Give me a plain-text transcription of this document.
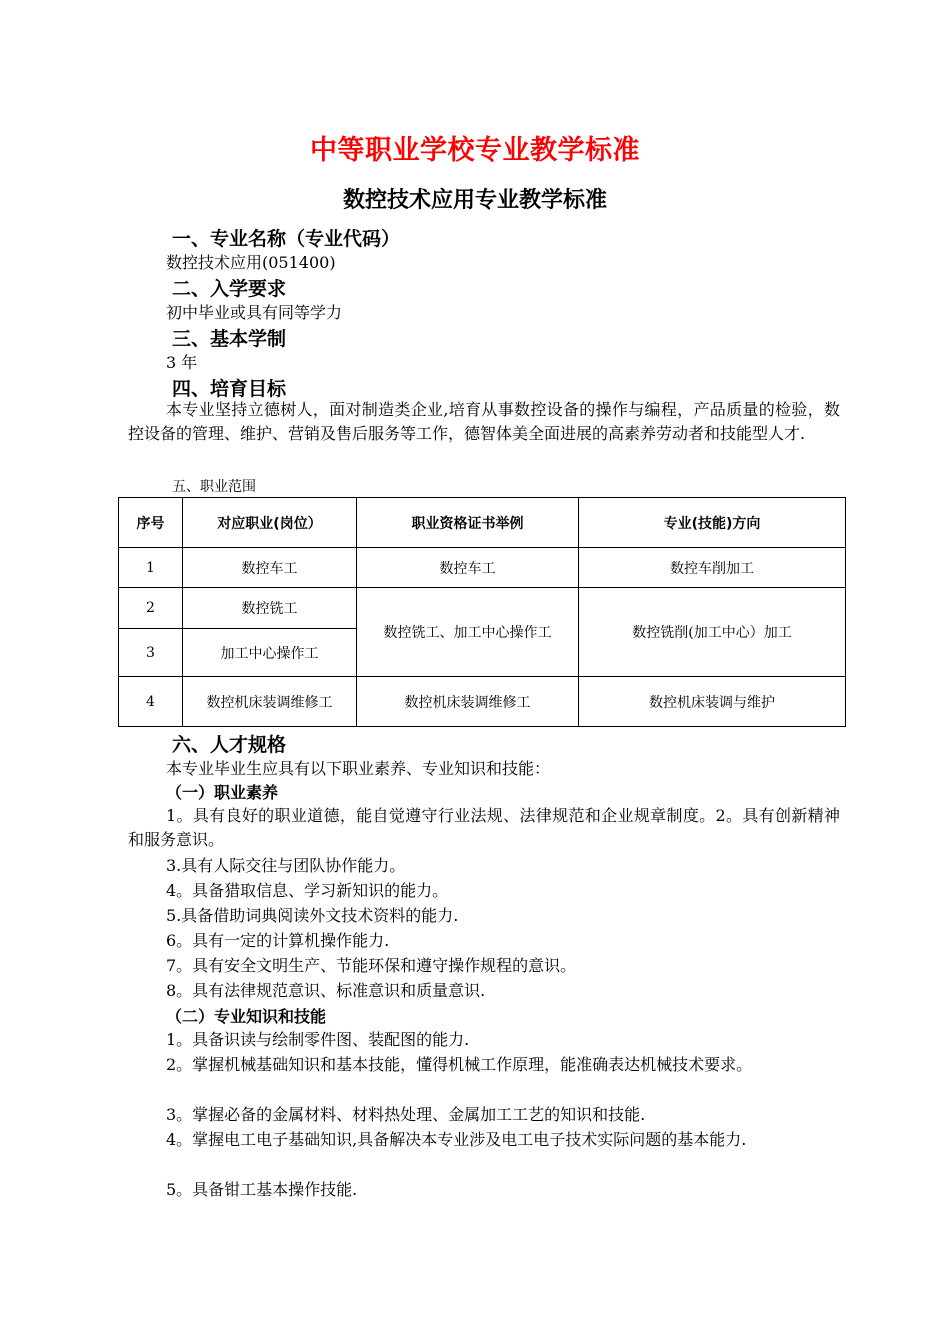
中等职业学校专业教学标准
数控技术应用专业教学标准
一、专业名称（专业代码）
数控技术应用(051400)
二、入学要求
初中毕业或具有同等学力
三、基本学制
3 年
四、培育目标
本专业坚持立德树人，面对制造类企业,培育从事数控设备的操作与编程，产品质量的检验，数控设备的管理、维护、营销及售后服务等工作，德智体美全面进展的高素养劳动者和技能型人才.
五、职业范围
序号	对应职业(岗位）	职业资格证书举例	专业(技能)方向
1	数控车工	数控车工	数控车削加工
2	数控铣工	数控铣工、加工中心操作工	数控铣削(加工中心）加工
3	加工中心操作工		
4	数控机床装调维修工	数控机床装调维修工	数控机床装调与维护
六、人才规格
本专业毕业生应具有以下职业素养、专业知识和技能：
（一）职业素养
1。具有良好的职业道德，能自觉遵守行业法规、法律规范和企业规章制度。2。具有创新精神和服务意识。
3.具有人际交往与团队协作能力。
4。具备猎取信息、学习新知识的能力。
5.具备借助词典阅读外文技术资料的能力.
6。具有一定的计算机操作能力.
7。具有安全文明生产、节能环保和遵守操作规程的意识。
8。具有法律规范意识、标准意识和质量意识.
（二）专业知识和技能
1。具备识读与绘制零件图、装配图的能力.
2。掌握机械基础知识和基本技能，懂得机械工作原理，能准确表达机械技术要求。
3。掌握必备的金属材料、材料热处理、金属加工工艺的知识和技能.
4。掌握电工电子基础知识,具备解决本专业涉及电工电子技术实际问题的基本能力.
5。具备钳工基本操作技能.
